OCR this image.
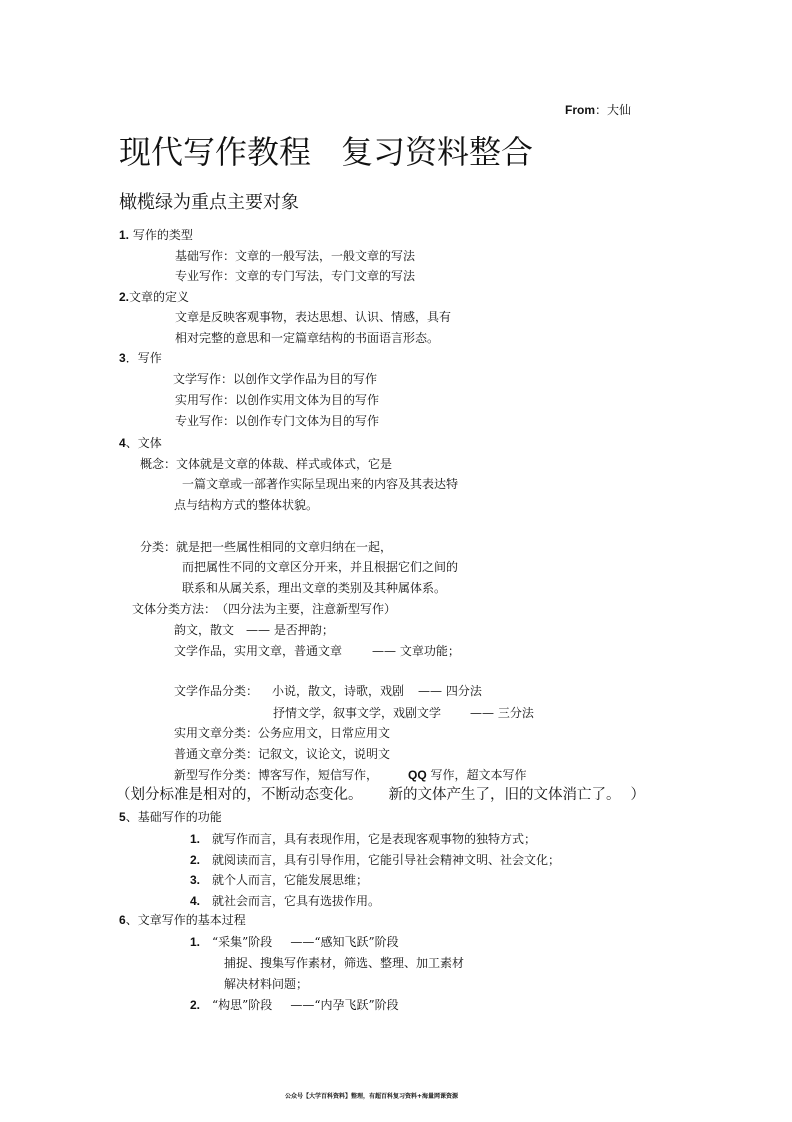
From：大仙
现代写作教程 复习资料整合
橄榄绿为重点主要对象
1. 写作的类型
基础写作：文章的一般写法，一般文章的写法
专业写作：文章的专门写法，专门文章的写法
2.文章的定义
文章是反映客观事物，表达思想、认识、情感，具有
相对完整的意思和一定篇章结构的书面语言形态。
3．写作
文学写作：以创作文学作品为目的写作
实用写作：以创作实用文体为目的写作
专业写作：以创作专门文体为目的写作
4、文体
概念：文体就是文章的体裁、样式或体式，它是
一篇文章或一部著作实际呈现出来的内容及其表达特
点与结构方式的整体状貌。
分类：就是把一些属性相同的文章归纳在一起，
而把属性不同的文章区分开来，并且根据它们之间的
联系和从属关系，理出文章的类别及其种属体系。
文体分类方法：　（四分法为主要，注意新型写作）
韵文，散文　—— 是否押韵；
文学作品，实用文章，普通文章 —— 文章功能；
文学作品分类： 小说，散文，诗歌，戏剧 —— 四分法
抒情文学，叙事文学，戏剧文学 —— 三分法
实用文章分类：公务应用文，日常应用文
普通文章分类：记叙文，议论文，说明文
新型写作分类：博客写作，短信写作，	QQ 写作，超文本写作
（划分标准是相对的，不断动态变化。 新的文体产生了，旧的文体消亡了。 ）
5、基础写作的功能
1.　 就写作而言，具有表现作用，它是表现客观事物的独特方式；
2.　 就阅读而言，具有引导作用，它能引导社会精神文明、社会文化；
3.　 就个人而言，它能发展思维；
4.　 就社会而言，它具有选拔作用。
6、文章写作的基本过程
1.　 “采集”阶段 ——“感知飞跃”阶段
捕捉、搜集写作素材，筛选、整理、加工素材
解决材料问题；
2.　 “构思”阶段 ——“内孕飞跃”阶段
公众号【大学百科资料】整理，有超百科复习资料+海量网课资源
